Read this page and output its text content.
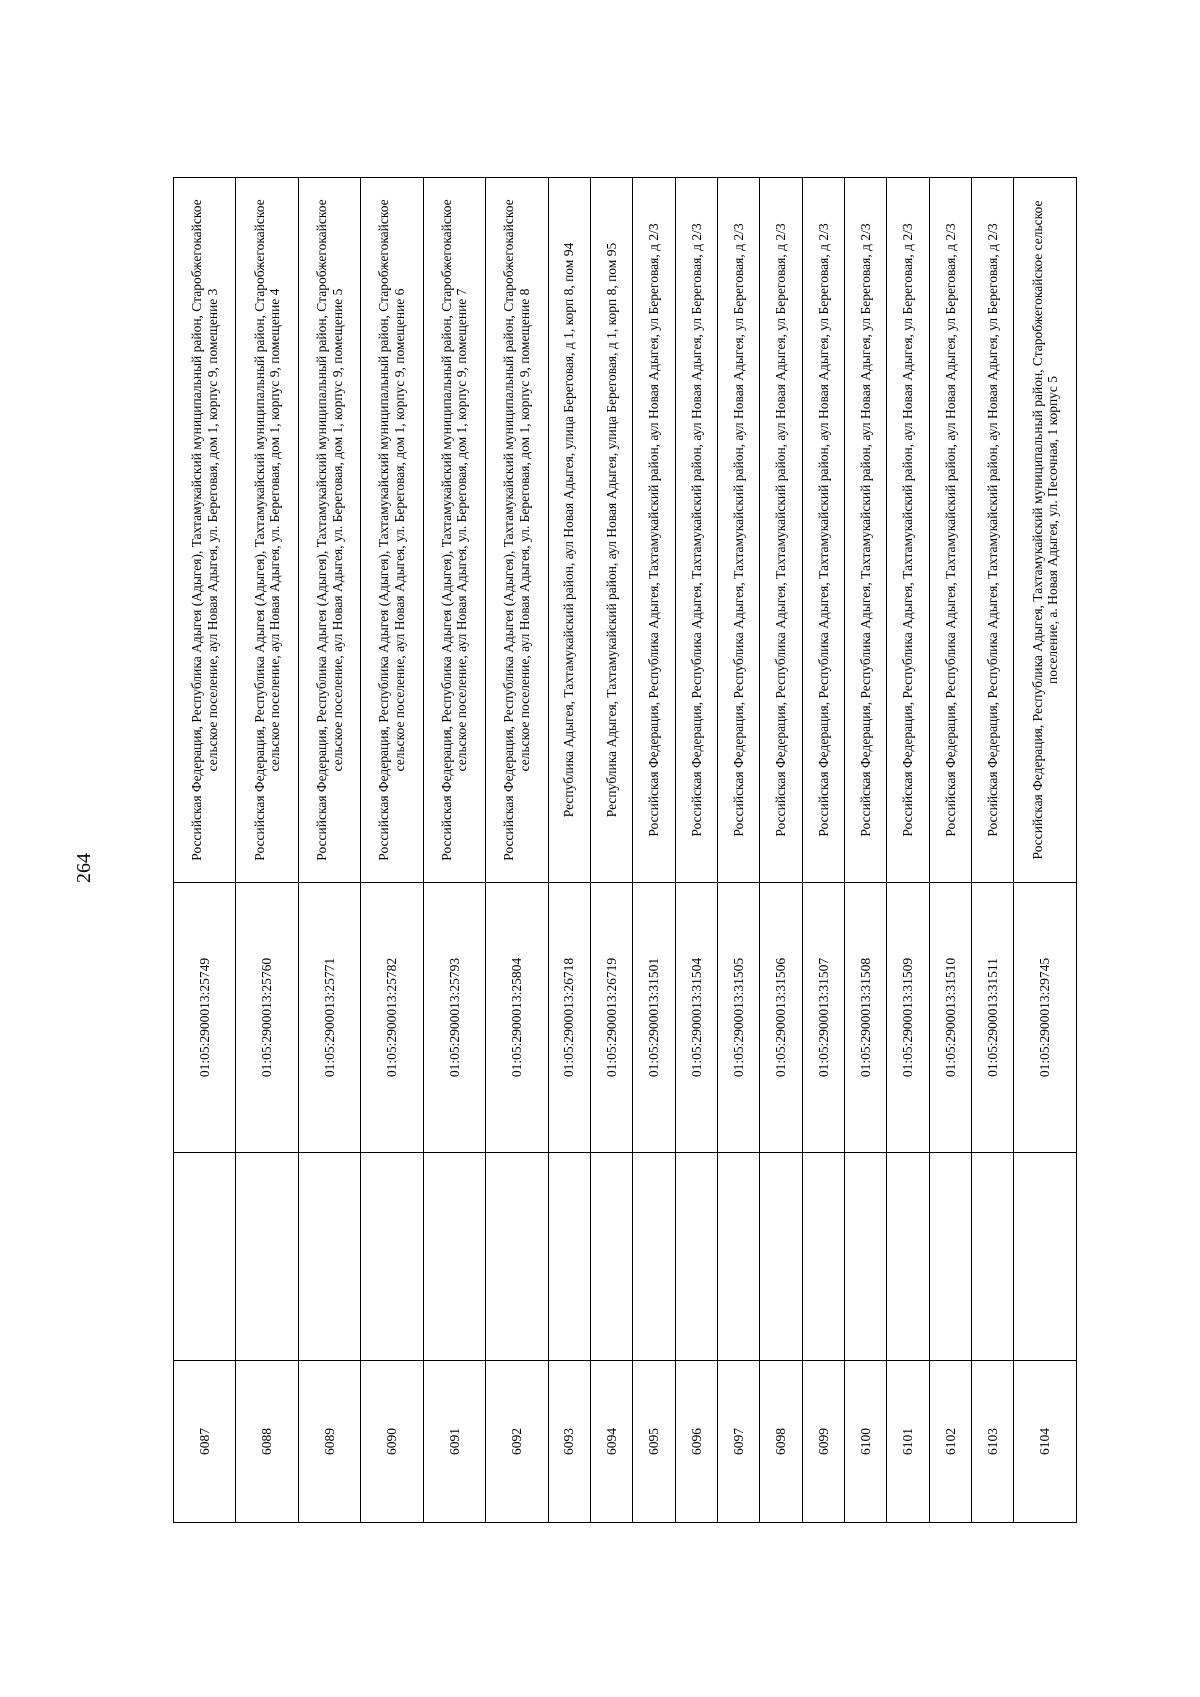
264
6087		01:05:2900013:25749	Российская Федерация, Республика Адыгея (Адыгея), Тахтамукайский муниципальный район, Старобжегокайское сельское поселение, аул Новая Адыгея, ул. Береговая, дом 1, корпус 9, помещение 3
6088		01:05:2900013:25760	Российская Федерация, Республика Адыгея (Адыгея), Тахтамукайский муниципальный район, Старобжегокайское сельское поселение, аул Новая Адыгея, ул. Береговая, дом 1, корпус 9, помещение 4
6089		01:05:2900013:25771	Российская Федерация, Республика Адыгея (Адыгея), Тахтамукайский муниципальный район, Старобжегокайское сельское поселение, аул Новая Адыгея, ул. Береговая, дом 1, корпус 9, помещение 5
6090		01:05:2900013:25782	Российская Федерация, Республика Адыгея (Адыгея), Тахтамукайский муниципальный район, Старобжегокайское сельское поселение, аул Новая Адыгея, ул. Береговая, дом 1, корпус 9, помещение 6
6091		01:05:2900013:25793	Российская Федерация, Республика Адыгея (Адыгея), Тахтамукайский муниципальный район, Старобжегокайское сельское поселение, аул Новая Адыгея, ул. Береговая, дом 1, корпус 9, помещение 7
6092		01:05:2900013:25804	Российская Федерация, Республика Адыгея (Адыгея), Тахтамукайский муниципальный район, Старобжегокайское сельское поселение, аул Новая Адыгея, ул. Береговая, дом 1, корпус 9, помещение 8
6093		01:05:2900013:26718	Республика Адыгея, Тахтамукайский район, аул Новая Адыгея, улица Береговая, д 1, корп 8, пом 94
6094		01:05:2900013:26719	Республика Адыгея, Тахтамукайский район, аул Новая Адыгея, улица Береговая, д 1, корп 8, пом 95
6095		01:05:2900013:31501	Российская Федерация, Республика Адыгея, Тахтамукайский район, аул Новая Адыгея, ул Береговая, д 2/3
6096		01:05:2900013:31504	Российская Федерация, Республика Адыгея, Тахтамукайский район, аул Новая Адыгея, ул Береговая, д 2/3
6097		01:05:2900013:31505	Российская Федерация, Республика Адыгея, Тахтамукайский район, аул Новая Адыгея, ул Береговая, д 2/3
6098		01:05:2900013:31506	Российская Федерация, Республика Адыгея, Тахтамукайский район, аул Новая Адыгея, ул Береговая, д 2/3
6099		01:05:2900013:31507	Российская Федерация, Республика Адыгея, Тахтамукайский район, аул Новая Адыгея, ул Береговая, д 2/3
6100		01:05:2900013:31508	Российская Федерация, Республика Адыгея, Тахтамукайский район, аул Новая Адыгея, ул Береговая, д 2/3
6101		01:05:2900013:31509	Российская Федерация, Республика Адыгея, Тахтамукайский район, аул Новая Адыгея, ул Береговая, д 2/3
6102		01:05:2900013:31510	Российская Федерация, Республика Адыгея, Тахтамукайский район, аул Новая Адыгея, ул Береговая, д 2/3
6103		01:05:2900013:31511	Российская Федерация, Республика Адыгея, Тахтамукайский район, аул Новая Адыгея, ул Береговая, д 2/3
6104		01:05:2900013:29745	Российская Федерация, Республика Адыгея, Тахтамукайский муниципальный район, Старобжегокайское сельское поселение, а. Новая Адыгея, ул. Песочная, 1 корпус 5
